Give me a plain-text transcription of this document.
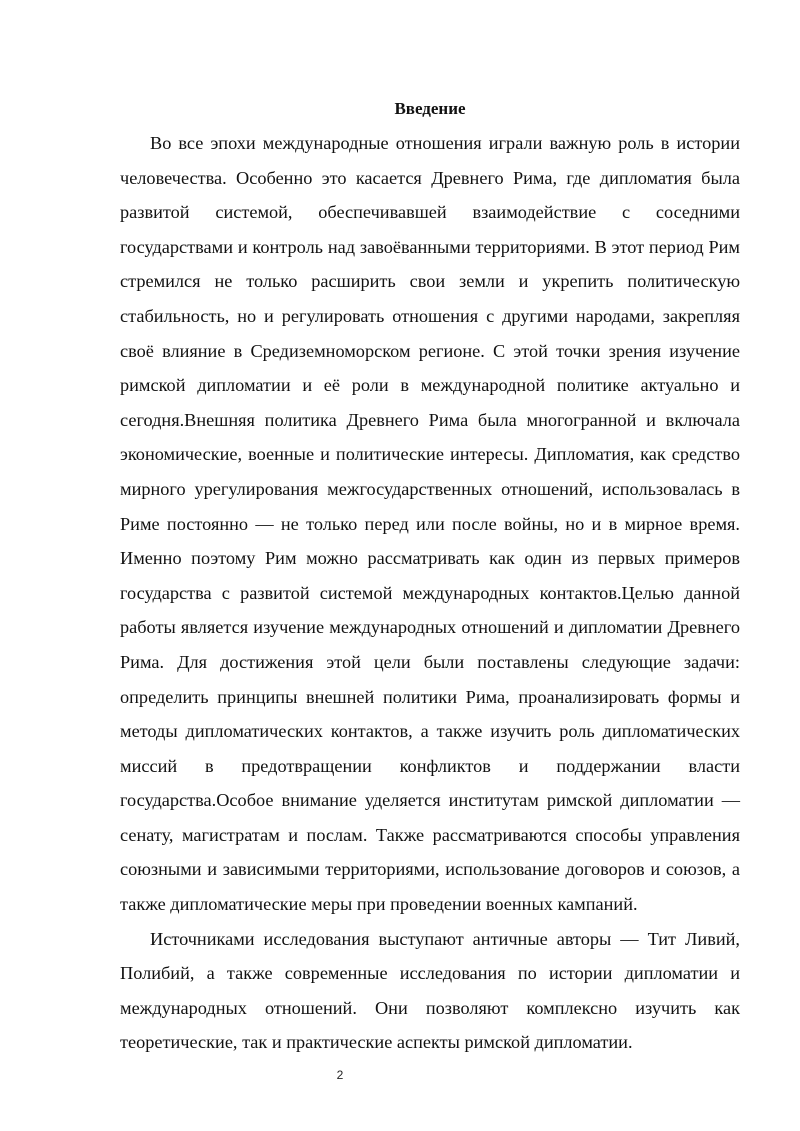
Введение

Во все эпохи международные отношения играли важную роль в истории человечества. Особенно это касается Древнего Рима, где дипломатия была развитой системой, обеспечивавшей взаимодействие с соседними государствами и контроль над завоёванными территориями. В этот период Рим стремился не только расширить свои земли и укрепить политическую стабильность, но и регулировать отношения с другими народами, закрепляя своё влияние в Средиземноморском регионе. С этой точки зрения изучение римской дипломатии и её роли в международной политике актуально и сегодня.Внешняя политика Древнего Рима была многогранной и включала экономические, военные и политические интересы. Дипломатия, как средство мирного урегулирования межгосударственных отношений, использовалась в Риме постоянно — не только перед или после войны, но и в мирное время. Именно поэтому Рим можно рассматривать как один из первых примеров государства с развитой системой международных контактов.Целью данной работы является изучение международных отношений и дипломатии Древнего Рима. Для достижения этой цели были поставлены следующие задачи: определить принципы внешней политики Рима, проанализировать формы и методы дипломатических контактов, а также изучить роль дипломатических миссий в предотвращении конфликтов и поддержании власти государства.Особое внимание уделяется институтам римской дипломатии — сенату, магистратам и послам. Также рассматриваются способы управления союзными и зависимыми территориями, использование договоров и союзов, а также дипломатические меры при проведении военных кампаний.

Источниками исследования выступают античные авторы — Тит Ливий, Полибий, а также современные исследования по истории дипломатии и международных отношений. Они позволяют комплексно изучить как теоретические, так и практические аспекты римской дипломатии.

2
